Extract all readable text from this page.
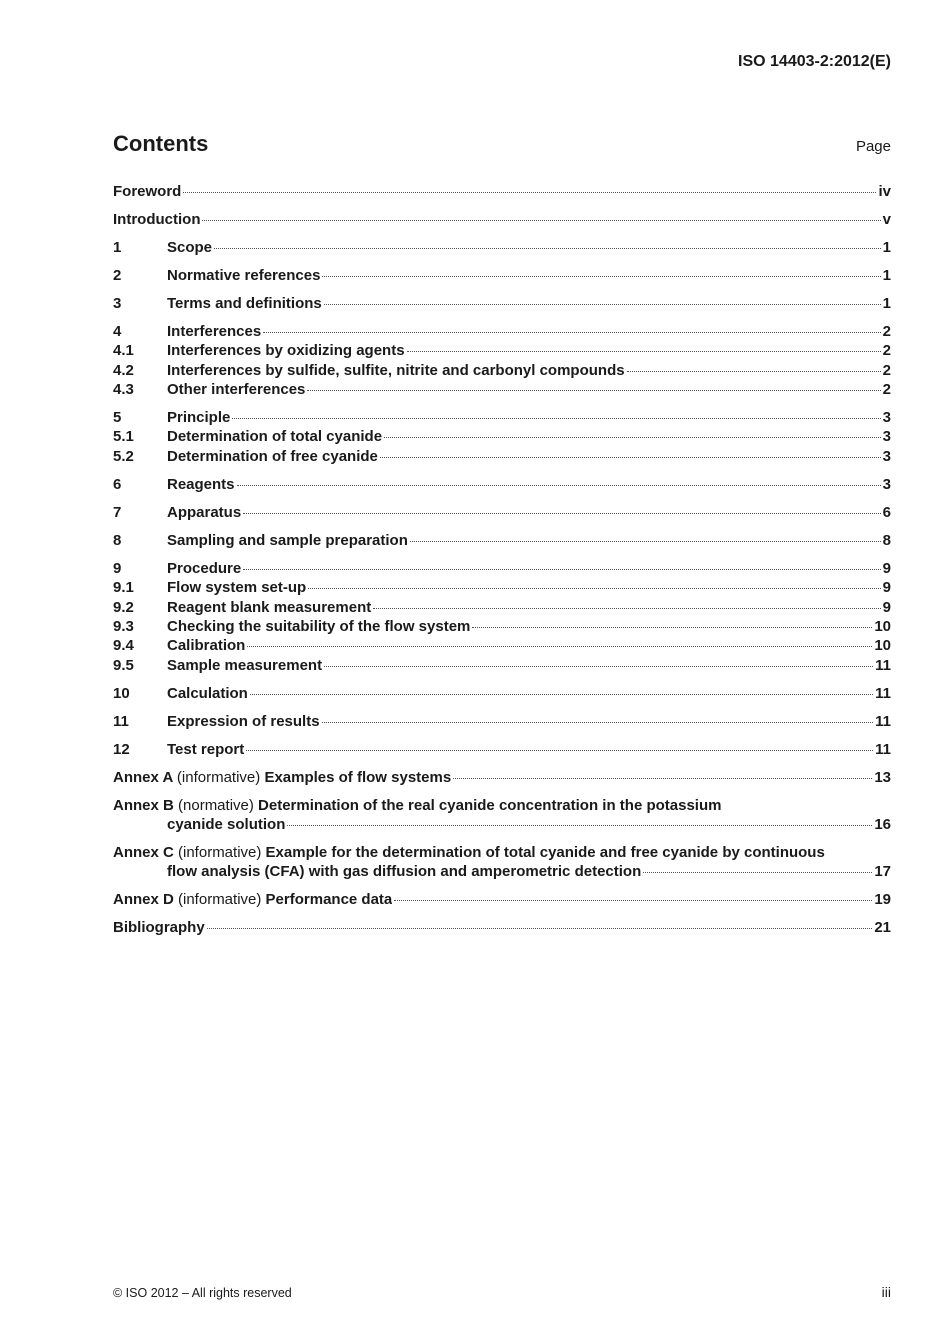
ISO 14403-2:2012(E)
Contents	Page
Foreword	iv
Introduction	v
1	Scope	1
2	Normative references	1
3	Terms and definitions	1
4	Interferences	2
4.1	Interferences by oxidizing agents	2
4.2	Interferences by sulfide, sulfite, nitrite and carbonyl compounds	2
4.3	Other interferences	2
5	Principle	3
5.1	Determination of total cyanide	3
5.2	Determination of free cyanide	3
6	Reagents	3
7	Apparatus	6
8	Sampling and sample preparation	8
9	Procedure	9
9.1	Flow system set-up	9
9.2	Reagent blank measurement	9
9.3	Checking the suitability of the flow system	10
9.4	Calibration	10
9.5	Sample measurement	11
10	Calculation	11
11	Expression of results	11
12	Test report	11
Annex A (informative) Examples of flow systems	13
Annex B (normative) Determination of the real cyanide concentration in the potassium
cyanide solution	16
Annex C (informative) Example for the determination of total cyanide and free cyanide by continuous
flow analysis (CFA) with gas diffusion and amperometric detection	17
Annex D (informative) Performance data	19
Bibliography	21
© ISO 2012 – All rights reserved	iii
